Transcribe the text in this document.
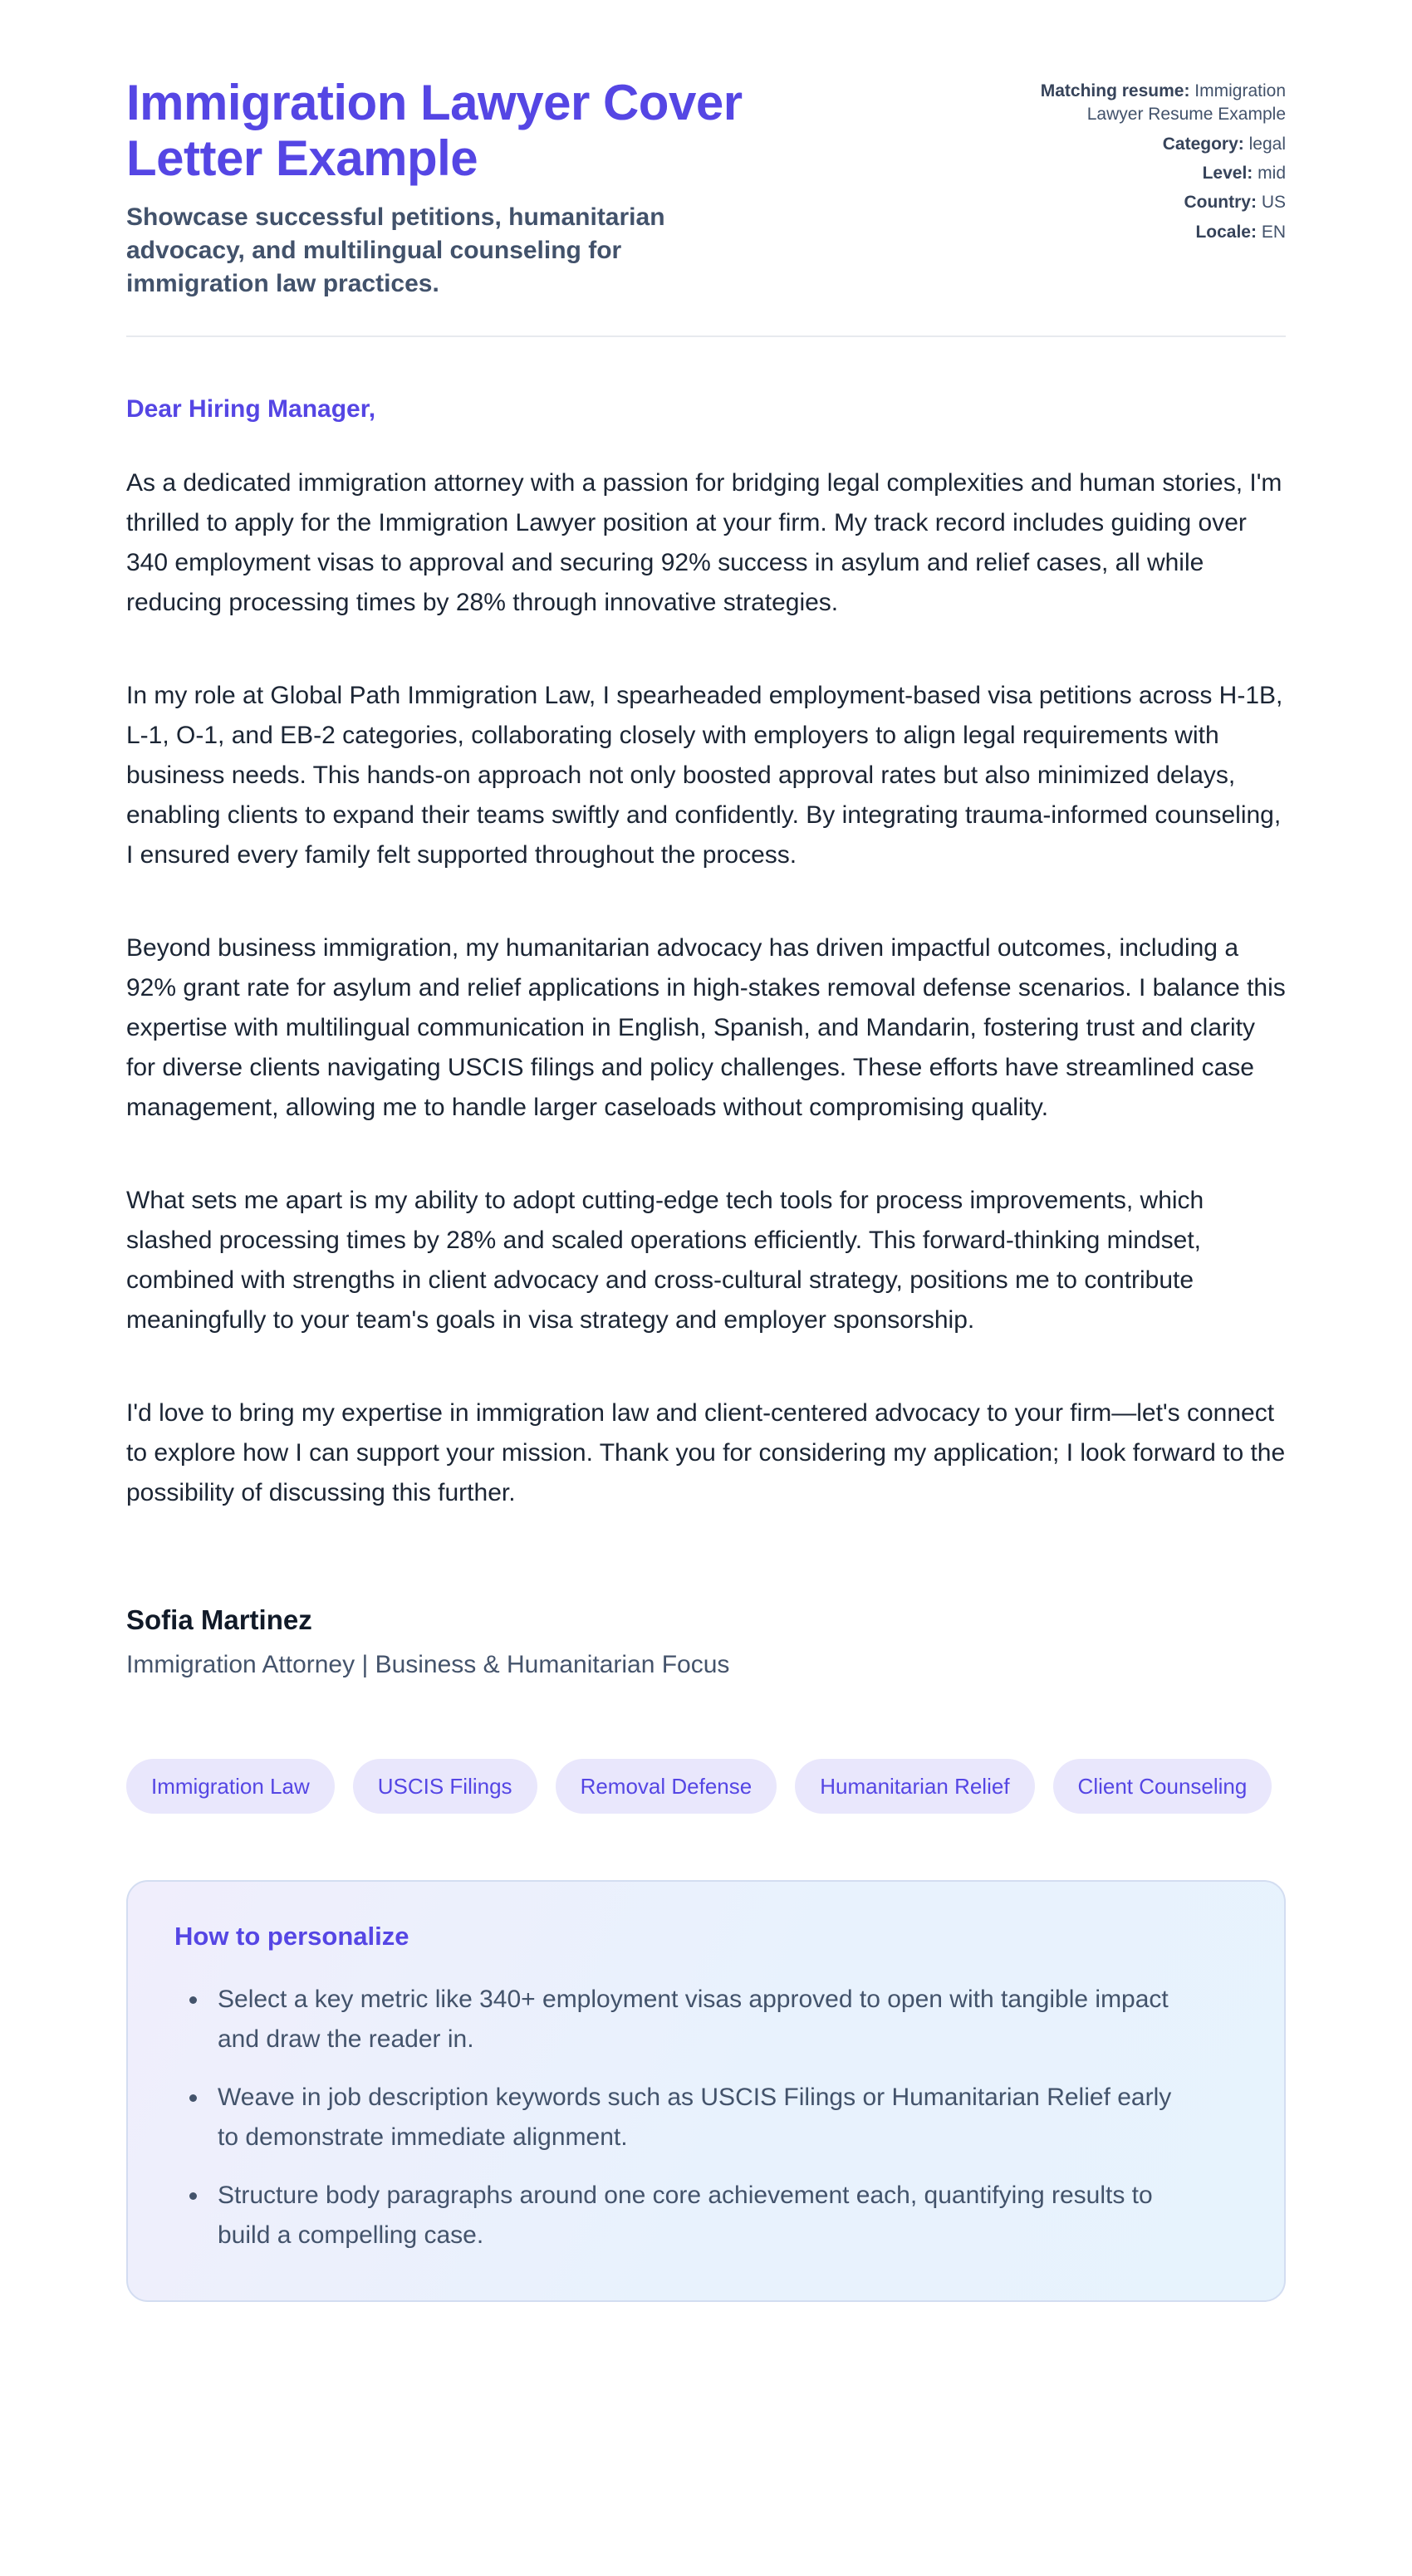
Immigration Lawyer Cover Letter Example

Showcase successful petitions, humanitarian advocacy, and multilingual counseling for immigration law practices.

Matching resume: Immigration Lawyer Resume Example
Category: legal
Level: mid
Country: US
Locale: EN

Dear Hiring Manager,

As a dedicated immigration attorney with a passion for bridging legal complexities and human stories, I'm thrilled to apply for the Immigration Lawyer position at your firm. My track record includes guiding over 340 employment visas to approval and securing 92% success in asylum and relief cases, all while reducing processing times by 28% through innovative strategies.

In my role at Global Path Immigration Law, I spearheaded employment-based visa petitions across H-1B, L-1, O-1, and EB-2 categories, collaborating closely with employers to align legal requirements with business needs. This hands-on approach not only boosted approval rates but also minimized delays, enabling clients to expand their teams swiftly and confidently. By integrating trauma-informed counseling, I ensured every family felt supported throughout the process.

Beyond business immigration, my humanitarian advocacy has driven impactful outcomes, including a 92% grant rate for asylum and relief applications in high-stakes removal defense scenarios. I balance this expertise with multilingual communication in English, Spanish, and Mandarin, fostering trust and clarity for diverse clients navigating USCIS filings and policy challenges. These efforts have streamlined case management, allowing me to handle larger caseloads without compromising quality.

What sets me apart is my ability to adopt cutting-edge tech tools for process improvements, which slashed processing times by 28% and scaled operations efficiently. This forward-thinking mindset, combined with strengths in client advocacy and cross-cultural strategy, positions me to contribute meaningfully to your team's goals in visa strategy and employer sponsorship.

I'd love to bring my expertise in immigration law and client-centered advocacy to your firm—let's connect to explore how I can support your mission. Thank you for considering my application; I look forward to the possibility of discussing this further.

Sofia Martinez
Immigration Attorney | Business & Humanitarian Focus
Immigration Law	USCIS Filings	Removal Defense	Humanitarian Relief	Client Counseling
How to personalize
• Select a key metric like 340+ employment visas approved to open with tangible impact and draw the reader in.
• Weave in job description keywords such as USCIS Filings or Humanitarian Relief early to demonstrate immediate alignment.
• Structure body paragraphs around one core achievement each, quantifying results to build a compelling case.
